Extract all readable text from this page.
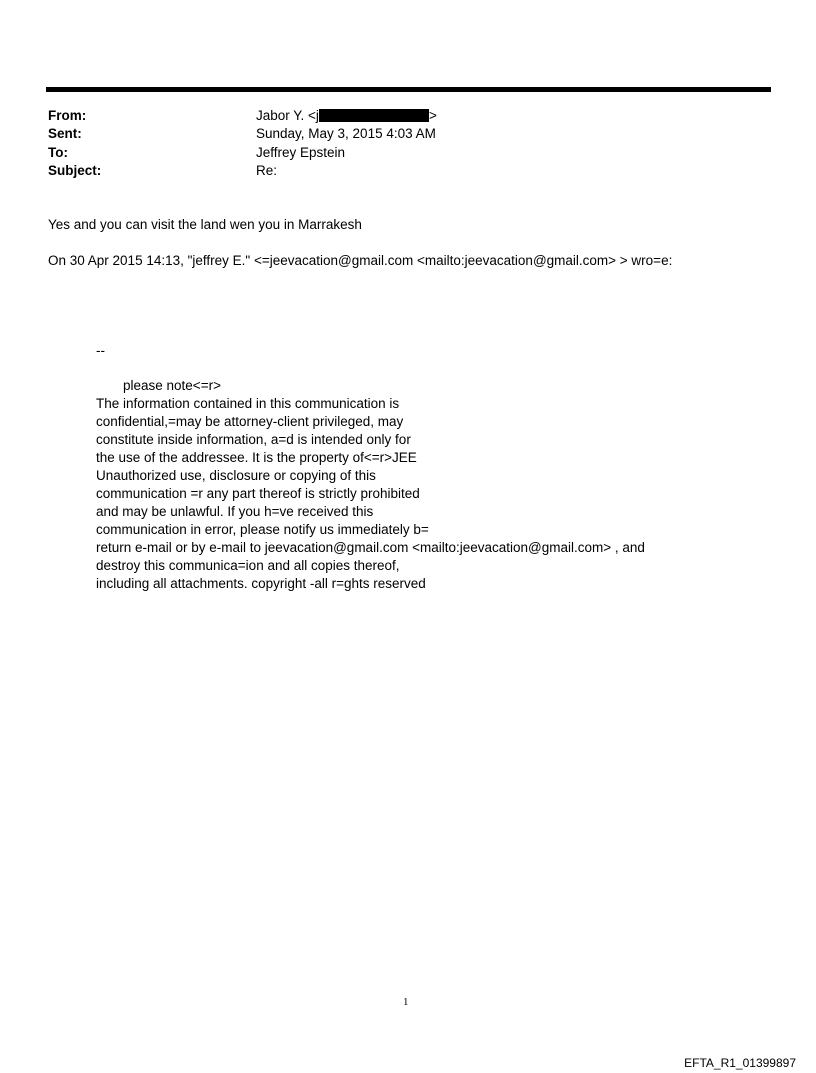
From:	Jabor Y. <j	>
Sent:	Sunday, May 3, 2015 4:03 AM
To:	Jeffrey Epstein
Subject:	Re:
Yes and you can visit the land wen you in Marrakesh
On 30 Apr 2015 14:13, "jeffrey E." <=jeevacation@gmail.com <mailto:jeevacation@gmail.com> > wro=e:
--
please note<=r>
The information contained in this communication is
confidential,=may be attorney-client privileged, may
constitute inside information, a=d is intended only for
the use of the addressee. It is the property of<=r>JEE
Unauthorized use, disclosure or copying of this
communication =r any part thereof is strictly prohibited
and may be unlawful. If you h=ve received this
communication in error, please notify us immediately b=
return e-mail or by e-mail to jeevacation@gmail.com <mailto:jeevacation@gmail.com> , and
destroy this communica=ion and all copies thereof,
including all attachments. copyright -all r=ghts reserved
1
EFTA_R1_01399897
